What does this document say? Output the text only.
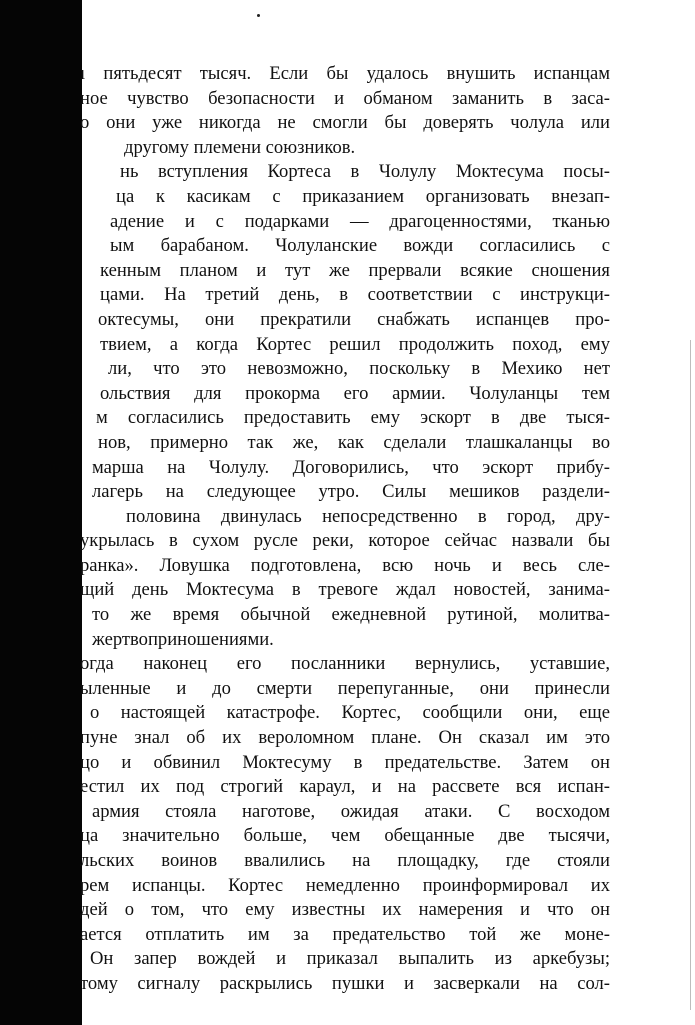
ı пятьдесят тысяч. Если бы удалось внушить испанцам
ное чувство безопасности и обманом заманить в заса-
о они уже никогда не смогли бы доверять чолула или
другому племени союзников.
нь вступления Кортеса в Чолулу Моктесума посы-
ца к касикам с приказанием организовать внезап-
адение и с подарками — драгоценностями, тканью
ым барабаном. Чолуланские вожди согласились с
кенным планом и тут же прервали всякие сношения
цами. На третий день, в соответствии с инструкци-
октесумы, они прекратили снабжать испанцев про-
твием, а когда Кортес решил продолжить поход, ему
ли, что это невозможно, поскольку в Мехико нет
ольствия для прокорма его армии. Чолуланцы тем
м согласились предоставить ему эскорт в две тыся-
нов, примерно так же, как сделали тлашкаланцы во
марша на Чолулу. Договорились, что эскорт прибу-
лагерь на следующее утро. Силы мешиков раздели-
половина двинулась непосредственно в город, дру-
укрылась в сухом русле реки, которое сейчас назвали бы
ранка». Ловушка подготовлена, всю ночь и весь сле-
щий день Моктесума в тревоге ждал новостей, занима-
то же время обычной ежедневной рутиной, молитва-
жертвоприношениями.
огда наконец его посланники вернулись, уставшие,
ыленные и до смерти перепуганные, они принесли
о настоящей катастрофе. Кортес, сообщили они, еще
пуне знал об их вероломном плане. Он сказал им это
цо и обвинил Моктесуму в предательстве. Затем он
естил их под строгий караул, и на рассвете вся испан-
армия стояла наготове, ожидая атаки. С восходом
ца значительно больше, чем обещанные две тысячи,
льских воинов ввалились на площадку, где стояли
рем испанцы. Кортес немедленно проинформировал их
дей о том, что ему известны их намерения и что он
ается отплатить им за предательство той же моне-
Он запер вождей и приказал выпалить из аркебузы;
тому сигналу раскрылись пушки и засверкали на сол-
